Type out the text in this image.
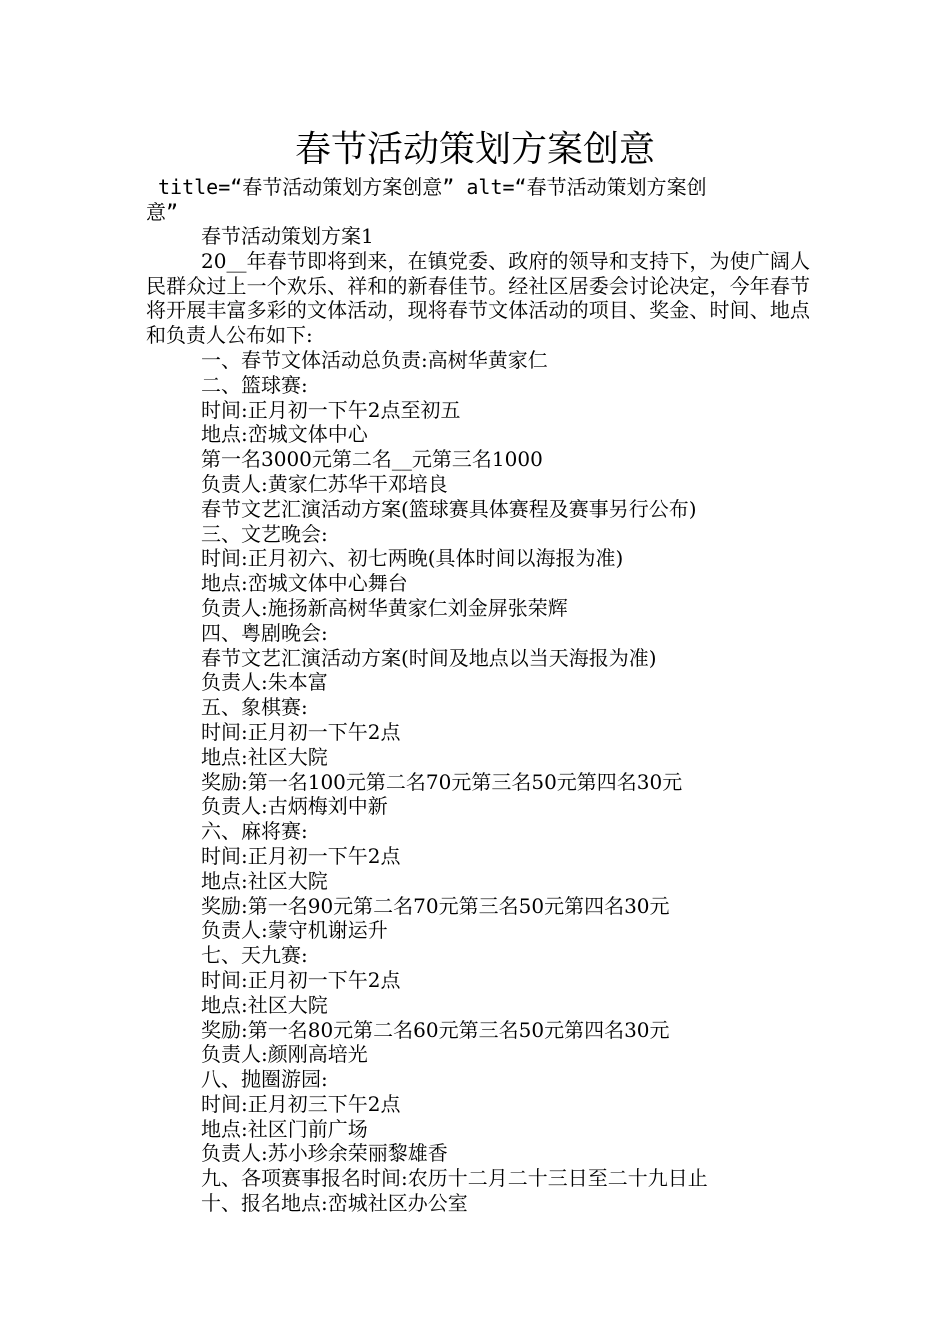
春节活动策划方案创意
title=“春节活动策划方案创意” alt=“春节活动策划方案创
意”
春节活动策划方案1
20__年春节即将到来，在镇党委、政府的领导和支持下，为使广阔人民群众过上一个欢乐、祥和的新春佳节。经社区居委会讨论决定，今年春节将开展丰富多彩的文体活动，现将春节文体活动的项目、奖金、时间、地点和负责人公布如下:
一、春节文体活动总负责:高树华黄家仁
二、篮球赛:
时间:正月初一下午2点至初五
地点:峦城文体中心
第一名3000元第二名__元第三名1000
负责人:黄家仁苏华干邓培良
春节文艺汇演活动方案(篮球赛具体赛程及赛事另行公布)
三、文艺晚会:
时间:正月初六、初七两晚(具体时间以海报为准)
地点:峦城文体中心舞台
负责人:施扬新高树华黄家仁刘金屏张荣辉
四、粤剧晚会:
春节文艺汇演活动方案(时间及地点以当天海报为准)
负责人:朱本富
五、象棋赛:
时间:正月初一下午2点
地点:社区大院
奖励:第一名100元第二名70元第三名50元第四名30元
负责人:古炳梅刘中新
六、麻将赛:
时间:正月初一下午2点
地点:社区大院
奖励:第一名90元第二名70元第三名50元第四名30元
负责人:蒙守机谢运升
七、天九赛:
时间:正月初一下午2点
地点:社区大院
奖励:第一名80元第二名60元第三名50元第四名30元
负责人:颜刚高培光
八、抛圈游园:
时间:正月初三下午2点
地点:社区门前广场
负责人:苏小珍余荣丽黎雄香
九、各项赛事报名时间:农历十二月二十三日至二十九日止
十、报名地点:峦城社区办公室
